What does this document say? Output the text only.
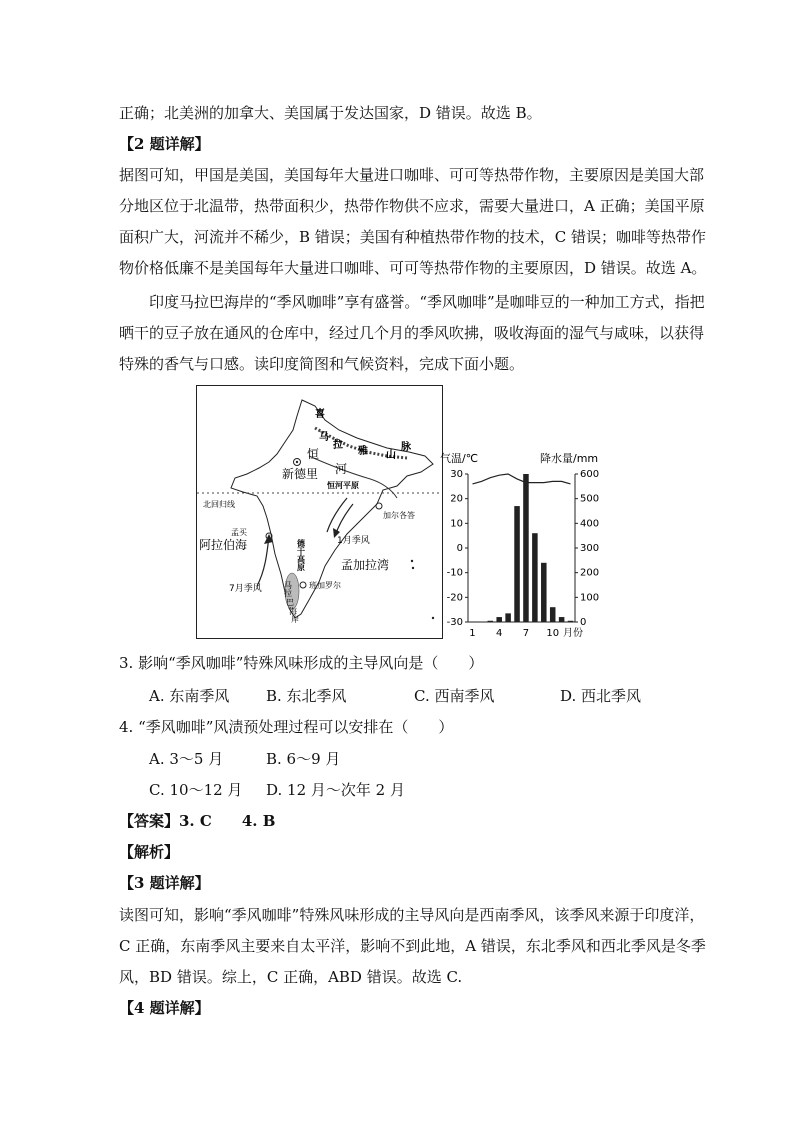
正确；北美洲的加拿大、美国属于发达国家，D 错误。故选 B。
【2 题详解】
据图可知，甲国是美国，美国每年大量进口咖啡、可可等热带作物，主要原因是美国大部
分地区位于北温带，热带面积少，热带作物供不应求，需要大量进口，A 正确；美国平原
面积广大，河流并不稀少，B 错误；美国有种植热带作物的技术，C 错误；咖啡等热带作
物价格低廉不是美国每年大量进口咖啡、可可等热带作物的主要原因，D 错误。故选 A。
印度马拉巴海岸的“季风咖啡”享有盛誉。“季风咖啡”是咖啡豆的一种加工方式，指把
晒干的豆子放在通风的仓库中，经过几个月的季风吹拂，吸收海面的湿气与咸味，以获得
特殊的香气与口感。读印度简图和气候资料，完成下面小题。
喜
马
拉
雅 山
脉
恒
河
新德里
恒河平原
北回归线
加尔各答
孟买
阿拉伯海	1月季风
德
干
高
原	孟加拉湾
班加罗尔
7月季风	马
拉
巴
海
岸
气温/℃	降水量/mm
30
20
10
0
-10
-20
-30
600
500
400
300
200
100
0
1 4 7 10 月份
3. 影响“季风咖啡”特殊风味形成的主导风向是（　　）
A. 东南季风 B. 东北季风	C. 西南季风	D. 西北季风
4. “季风咖啡”风渍预处理过程可以安排在（　　）
A. 3～5 月	B. 6～9 月
C. 10～12 月 D. 12 月～次年 2 月
【答案】3. C　　4. B
【解析】
【3 题详解】
读图可知，影响“季风咖啡”特殊风味形成的主导风向是西南季风，该季风来源于印度洋，
C 正确，东南季风主要来自太平洋，影响不到此地，A 错误，东北季风和西北季风是冬季
风，BD 错误。综上，C 正确，ABD 错误。故选 C.
【4 题详解】
